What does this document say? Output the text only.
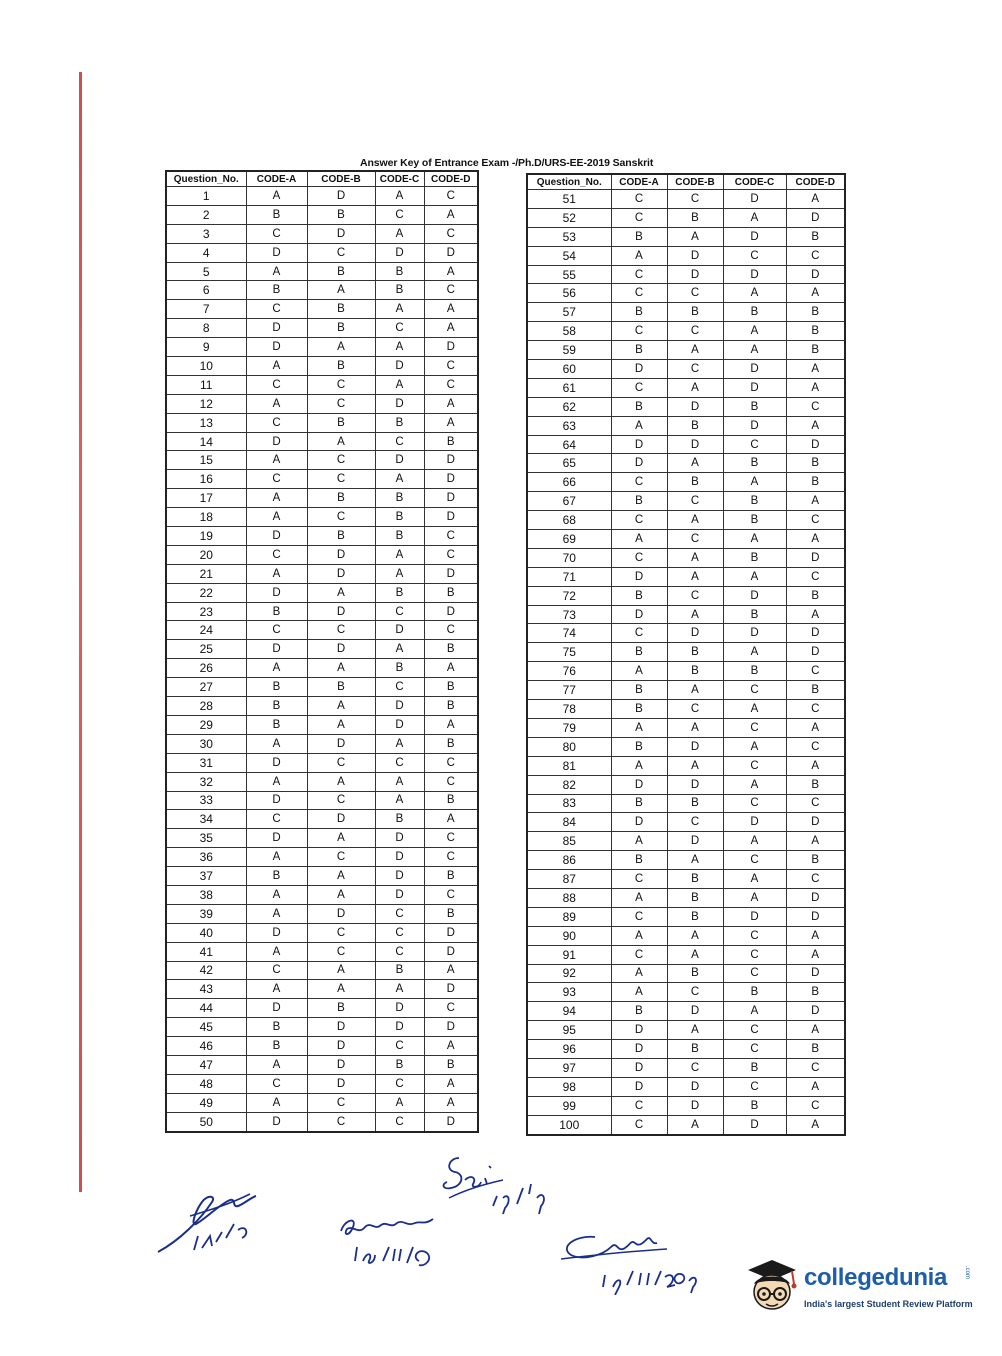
Answer Key of Entrance Exam -/Ph.D/URS-EE-2019 Sanskrit
Question_No.	CODE-A	CODE-B	CODE-C	CODE-D
1	A	D	A	C
2	B	B	C	A
3	C	D	A	C
4	D	C	D	D
5	A	B	B	A
6	B	A	B	C
7	C	B	A	A
8	D	B	C	A
9	D	A	A	D
10	A	B	D	C
11	C	C	A	C
12	A	C	D	A
13	C	B	B	A
14	D	A	C	B
15	A	C	D	D
16	C	C	A	D
17	A	B	B	D
18	A	C	B	D
19	D	B	B	C
20	C	D	A	C
21	A	D	A	D
22	D	A	B	B
23	B	D	C	D
24	C	C	D	C
25	D	D	A	B
26	A	A	B	A
27	B	B	C	B
28	B	A	D	B
29	B	A	D	A
30	A	D	A	B
31	D	C	C	C
32	A	A	A	C
33	D	C	A	B
34	C	D	B	A
35	D	A	D	C
36	A	C	D	C
37	B	A	D	B
38	A	A	D	C
39	A	D	C	B
40	D	C	C	D
41	A	C	C	D
42	C	A	B	A
43	A	A	A	D
44	D	B	D	C
45	B	D	D	D
46	B	D	C	A
47	A	D	B	B
48	C	D	C	A
49	A	C	A	A
50	D	C	C	D
Question_No.	CODE-A	CODE-B	CODE-C	CODE-D
51	C	C	D	A
52	C	B	A	D
53	B	A	D	B
54	A	D	C	C
55	C	D	D	D
56	C	C	A	A
57	B	B	B	B
58	C	C	A	B
59	B	A	A	B
60	D	C	D	A
61	C	A	D	A
62	B	D	B	C
63	A	B	D	A
64	D	D	C	D
65	D	A	B	B
66	C	B	A	B
67	B	C	B	A
68	C	A	B	C
69	A	C	A	A
70	C	A	B	D
71	D	A	A	C
72	B	C	D	B
73	D	A	B	A
74	C	D	D	D
75	B	B	A	D
76	A	B	B	C
77	B	A	C	B
78	B	C	A	C
79	A	A	C	A
80	B	D	A	C
81	A	A	C	A
82	D	D	A	B
83	B	B	C	C
84	D	C	D	D
85	A	D	A	A
86	B	A	C	B
87	C	B	A	C
88	A	B	A	D
89	C	B	D	D
90	A	A	C	A
91	C	A	C	A
92	A	B	C	D
93	A	C	B	B
94	B	D	A	D
95	D	A	C	A
96	D	B	C	B
97	D	C	B	C
98	D	D	C	A
99	C	D	B	C
100	C	A	D	A
collegedunia	.com
India's largest Student Review Platform
